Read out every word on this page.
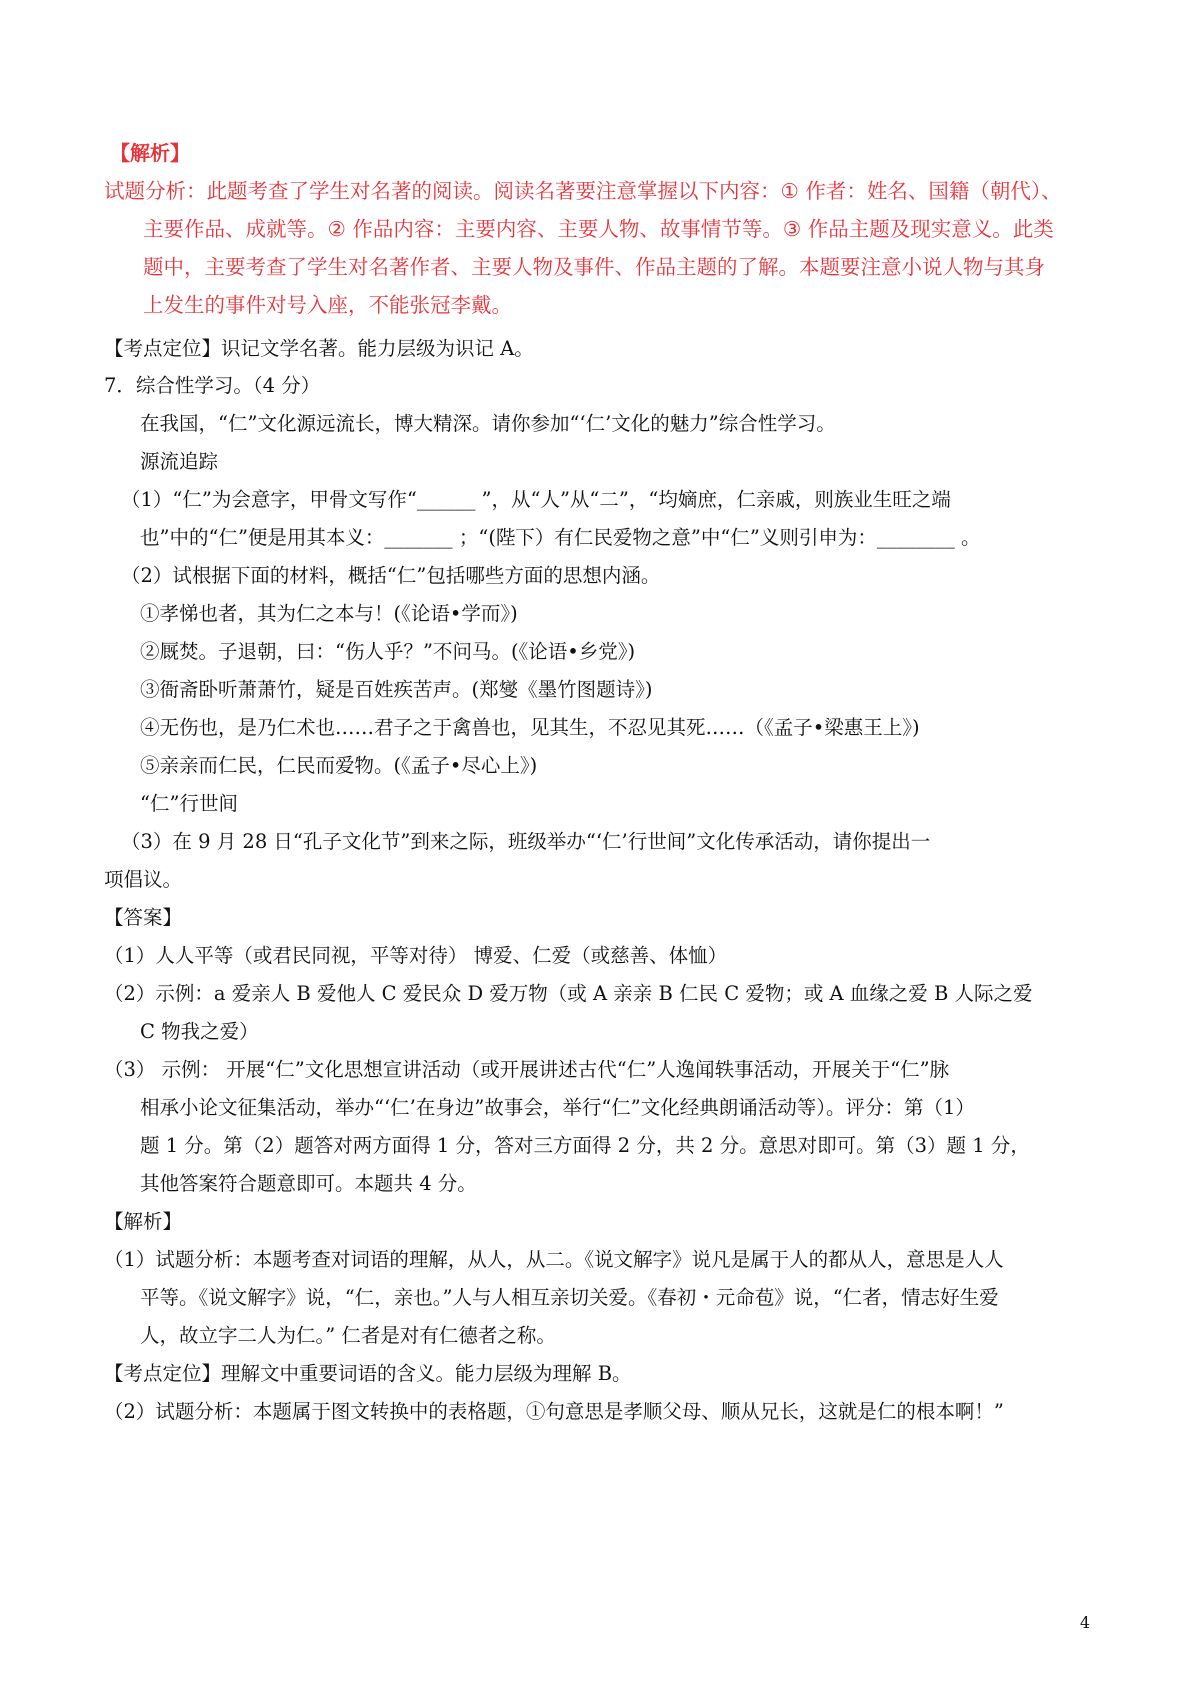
【解析】
试题分析：此题考查了学生对名著的阅读。阅读名著要注意掌握以下内容：① 作者：姓名、国籍（朝代）、
主要作品、成就等。② 作品内容：主要内容、主要人物、故事情节等。③ 作品主题及现实意义。此类
题中，主要考查了学生对名著作者、主要人物及事件、作品主题的了解。本题要注意小说人物与其身
上发生的事件对号入座，不能张冠李戴。
【考点定位】识记文学名著。能力层级为识记 A。
7．综合性学习。（4 分）
在我国，“仁”文化源远流长，博大精深。请你参加“‘仁’文化的魅力”综合性学习。
源流追踪
（1）“仁”为会意字，甲骨文写作“______ ”，从“人”从“二”，“均嫡庶，仁亲戚，则族业生旺之端
也”中的“仁”便是用其本义：_______ ；“(陛下）有仁民爱物之意”中“仁”义则引申为：________ 。
（2）试根据下面的材料，概括“仁”包括哪些方面的思想内涵。
①孝悌也者，其为仁之本与！(《论语•学而》)
②厩焚。子退朝，曰：“伤人乎？”不问马。(《论语•乡党》)
③衙斋卧听萧萧竹，疑是百姓疾苦声。(郑燮《墨竹图题诗》)
④无伤也，是乃仁术也……君子之于禽兽也，见其生，不忍见其死……（《孟子•梁惠王上》)
⑤亲亲而仁民，仁民而爱物。(《孟子•尽心上》)
“仁”行世间
（3）在 9 月 28 日“孔子文化节”到来之际，班级举办“‘仁’行世间”文化传承活动，请你提出一
项倡议。
【答案】
（1）人人平等（或君民同视，平等对待） 博爱、仁爱（或慈善、体恤）
（2）示例：a 爱亲人 B 爱他人 C 爱民众 D 爱万物（或 A 亲亲 B 仁民 C 爱物；或 A 血缘之爱 B 人际之爱
C 物我之爱）
（3） 示例： 开展“仁”文化思想宣讲活动（或开展讲述古代“仁”人逸闻轶事活动，开展关于“仁”脉
相承小论文征集活动，举办“‘仁’在身边”故事会，举行“仁”文化经典朗诵活动等）。评分：第（1）
题 1 分。第（2）题答对两方面得 1 分，答对三方面得 2 分，共 2 分。意思对即可。第（3）题 1 分，
其他答案符合题意即可。本题共 4 分。
【解析】
（1）试题分析：本题考查对词语的理解，从人，从二。《说文解字》说凡是属于人的都从人，意思是人人
平等。《说文解字》说，“仁，亲也。”人与人相互亲切关爱。《春初・元命苞》说，“仁者，情志好生爱
人，故立字二人为仁。” 仁者是对有仁德者之称。
【考点定位】理解文中重要词语的含义。能力层级为理解 B。
（2）试题分析：本题属于图文转换中的表格题，①句意思是孝顺父母、顺从兄长，这就是仁的根本啊！”
4
